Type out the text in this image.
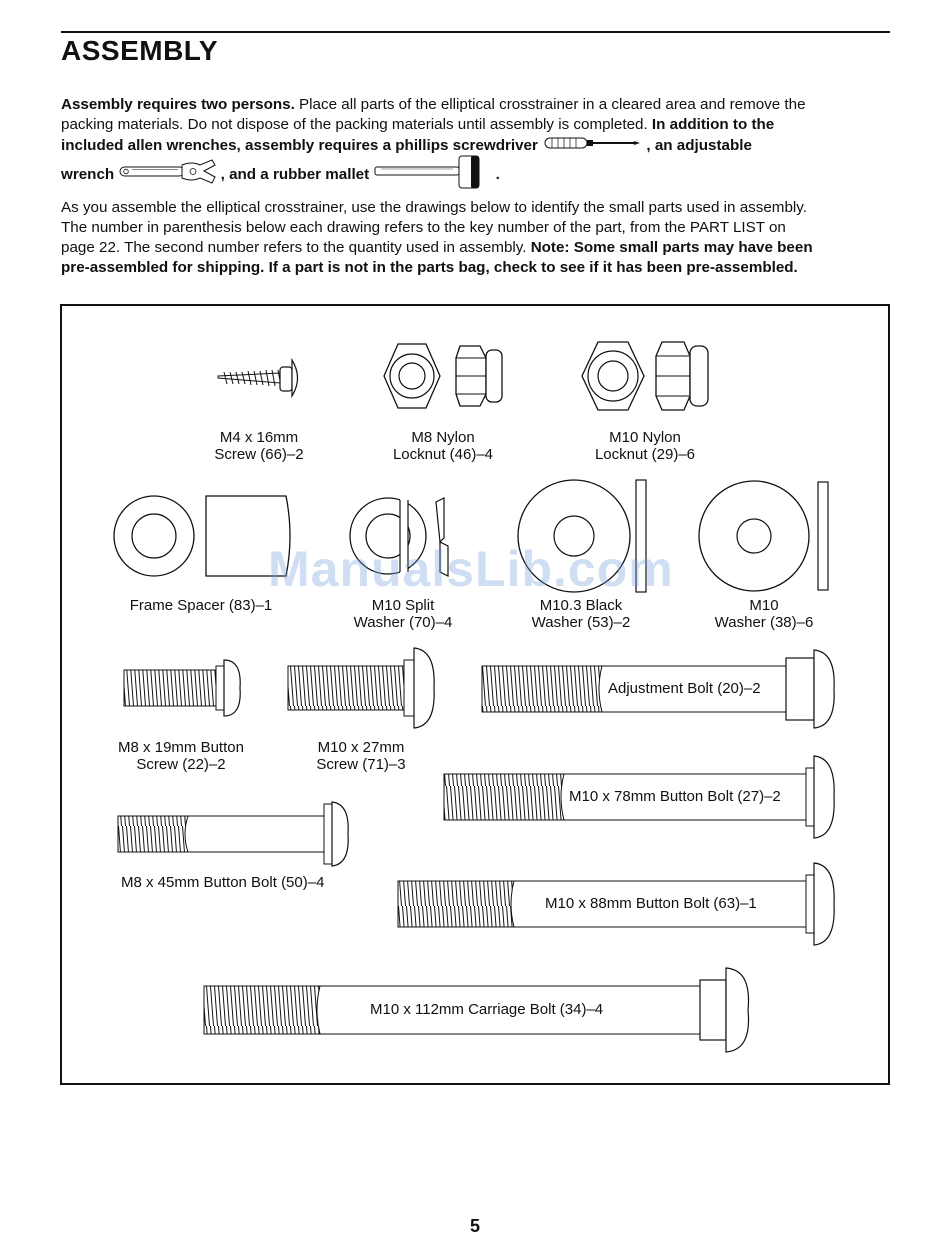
ASSEMBLY
Assembly requires two persons. Place all parts of the elliptical crosstrainer in a cleared area and remove the
packing materials. Do not dispose of the packing materials until assembly is completed. In addition to the
included allen wrenches, assembly requires a phillips screwdriver	, an adjustable
wrench	, and a rubber mallet	.
As you assemble the elliptical crosstrainer, use the drawings below to identify the small parts used in assembly.
The number in parenthesis below each drawing refers to the key number of the part, from the PART LIST on
page 22. The second number refers to the quantity used in assembly. Note: Some small parts may have been
pre-assembled for shipping. If a part is not in the parts bag, check to see if it has been pre-assembled.
M4 x 16mm
Screw (66)–2
M8 Nylon
Locknut (46)–4
M10 Nylon
Locknut (29)–6
Frame Spacer (83)–1	M10 Split
Washer (70)–4
M10.3 Black
Washer (53)–2
M10
Washer (38)–6
M8 x 19mm Button
Screw (22)–2
M10 x 27mm
Screw (71)–3
Adjustment Bolt (20)–2
M10 x 78mm Button Bolt (27)–2
M8 x 45mm Button Bolt (50)–4
M10 x 88mm Button Bolt (63)–1
M10 x 112mm Carriage Bolt (34)–4
ManualsLib.com
5
